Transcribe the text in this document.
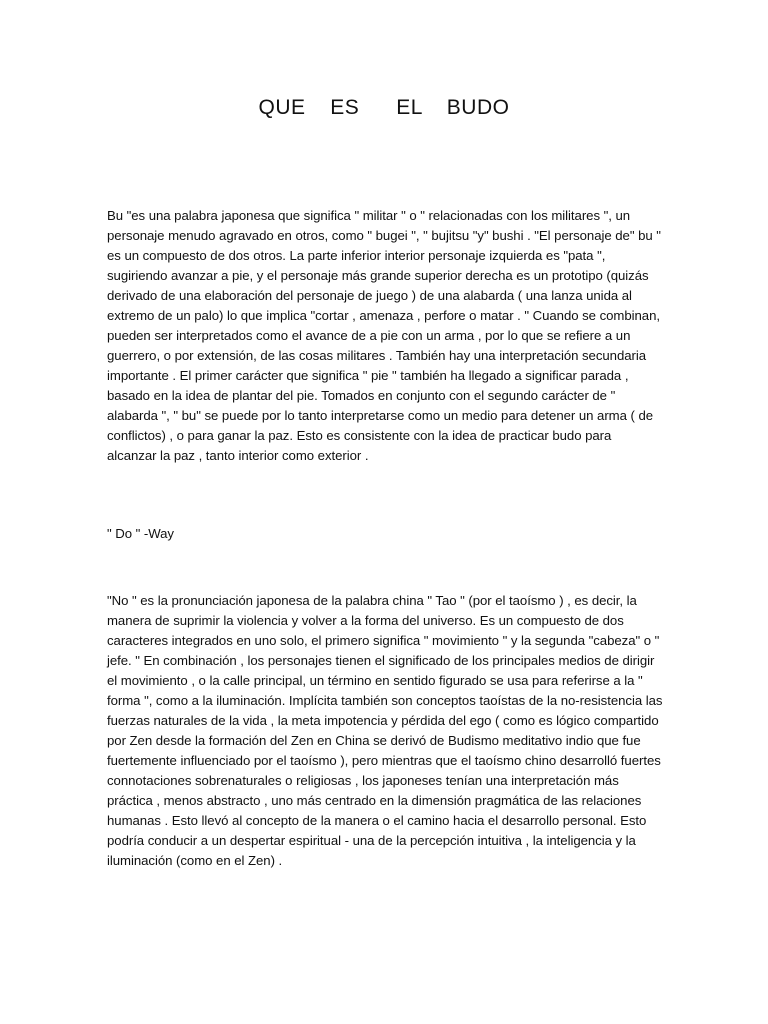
QUE  ES   EL  BUDO

Bu "es una palabra japonesa que significa " militar " o " relacionadas con los militares ", un personaje menudo agravado en otros, como " bugei ", " bujitsu "y" bushi . "El personaje de" bu " es un compuesto de dos otros. La parte inferior interior personaje izquierda es "pata ", sugiriendo avanzar a pie, y el personaje más grande superior derecha es un prototipo (quizás derivado de una elaboración del personaje de juego ) de una alabarda ( una lanza unida al extremo de un palo) lo que implica "cortar , amenaza , perfore o matar . " Cuando se combinan, pueden ser interpretados como el avance de a pie con un arma , por lo que se refiere a un guerrero, o por extensión, de las cosas militares . También hay una interpretación secundaria importante . El primer carácter que significa " pie " también ha llegado a significar parada , basado en la idea de plantar del pie. Tomados en conjunto con el segundo carácter de " alabarda ", " bu" se puede por lo tanto interpretarse como un medio para detener un arma ( de conflictos) , o para ganar la paz. Esto es consistente con la idea de practicar budo para alcanzar la paz , tanto interior como exterior .

" Do " -Way

"No " es la pronunciación japonesa de la palabra china " Tao " (por el taoísmo ) , es decir, la manera de suprimir la violencia y volver a la forma del universo. Es un compuesto de dos caracteres integrados en uno solo, el primero significa " movimiento " y la segunda "cabeza" o " jefe. " En combinación , los personajes tienen el significado de los principales medios de dirigir el movimiento , o la calle principal, un término en sentido figurado se usa para referirse a la " forma ", como a la iluminación. Implícita también son conceptos taoístas de la no-resistencia las fuerzas naturales de la vida , la meta impotencia y pérdida del ego ( como es lógico compartido por Zen desde la formación del Zen en China se derivó de Budismo meditativo indio que fue fuertemente influenciado por el taoísmo ), pero mientras que el taoísmo chino desarrolló fuertes connotaciones sobrenaturales o religiosas , los japoneses tenían una interpretación más práctica , menos abstracto , uno más centrado en la dimensión pragmática de las relaciones humanas . Esto llevó al concepto de la manera o el camino hacia el desarrollo personal. Esto podría conducir a un despertar espiritual - una de la percepción intuitiva , la inteligencia y la iluminación (como en el Zen) .
